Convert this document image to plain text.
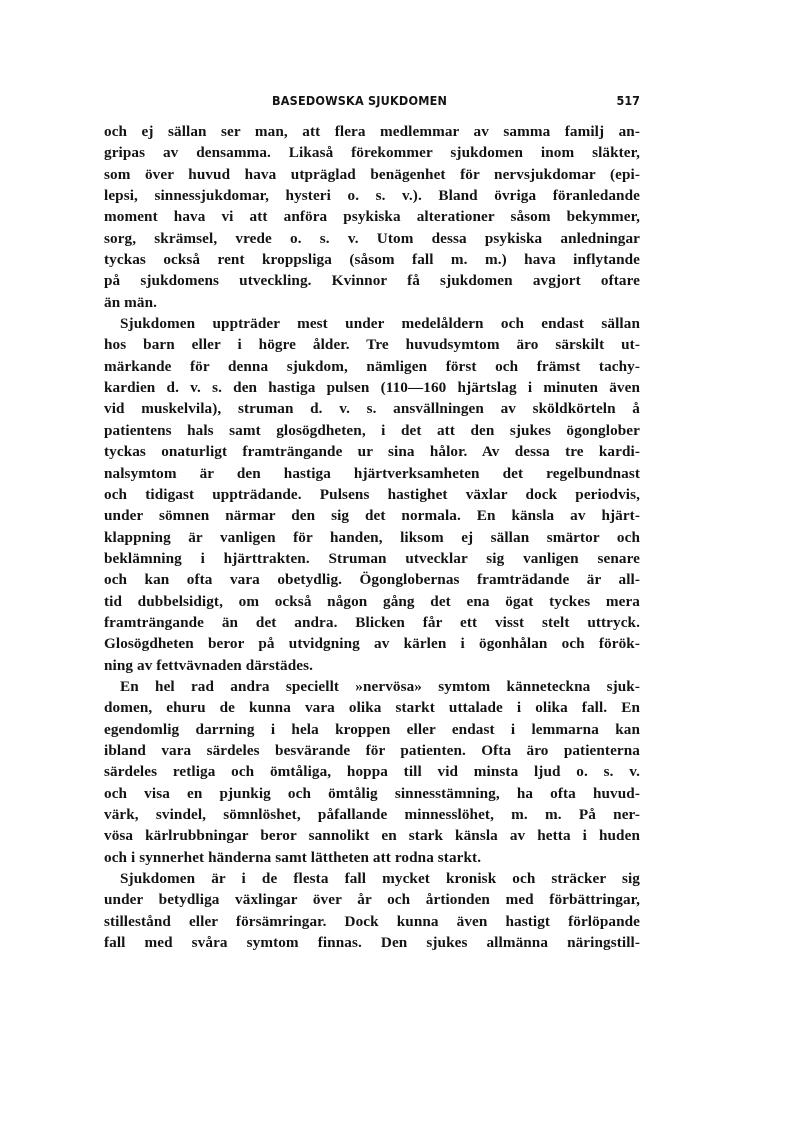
BASEDOWSKA SJUKDOMEN	517
och ej sällan ser man, att flera medlemmar av samma familj an-
gripas av densamma. Likaså förekommer sjukdomen inom släkter,
som över huvud hava utpräglad benägenhet för nervsjukdomar (epi-
lepsi, sinnessjukdomar, hysteri o. s. v.). Bland övriga föranledande
moment hava vi att anföra psykiska alterationer såsom bekymmer,
sorg, skrämsel, vrede o. s. v. Utom dessa psykiska anledningar
tyckas också rent kroppsliga (såsom fall m. m.) hava inflytande
på sjukdomens utveckling. Kvinnor få sjukdomen avgjort oftare
än män.
Sjukdomen uppträder mest under medelåldern och endast sällan
hos barn eller i högre ålder. Tre huvudsymtom äro särskilt ut-
märkande för denna sjukdom, nämligen först och främst tachy-
kardien d. v. s. den hastiga pulsen (110—160 hjärtslag i minuten även
vid muskelvila), struman d. v. s. ansvällningen av sköldkörteln å
patientens hals samt glosögdheten, i det att den sjukes ögonglober
tyckas onaturligt framträngande ur sina hålor. Av dessa tre kardi-
nalsymtom är den hastiga hjärtverksamheten det regelbundnast
och tidigast uppträdande. Pulsens hastighet växlar dock periodvis,
under sömnen närmar den sig det normala. En känsla av hjärt-
klappning är vanligen för handen, liksom ej sällan smärtor och
beklämning i hjärttrakten. Struman utvecklar sig vanligen senare
och kan ofta vara obetydlig. Ögonglobernas framträdande är all-
tid dubbelsidigt, om också någon gång det ena ögat tyckes mera
framträngande än det andra. Blicken får ett visst stelt uttryck.
Glosögdheten beror på utvidgning av kärlen i ögonhålan och förök-
ning av fettvävnaden därstädes.
En hel rad andra speciellt »nervösa» symtom känneteckna sjuk-
domen, ehuru de kunna vara olika starkt uttalade i olika fall. En
egendomlig darrning i hela kroppen eller endast i lemmarna kan
ibland vara särdeles besvärande för patienten. Ofta äro patienterna
särdeles retliga och ömtåliga, hoppa till vid minsta ljud o. s. v.
och visa en pjunkig och ömtålig sinnesstämning, ha ofta huvud-
värk, svindel, sömnlöshet, påfallande minnesslöhet, m. m. På ner-
vösa kärlrubbningar beror sannolikt en stark känsla av hetta i huden
och i synnerhet händerna samt lättheten att rodna starkt.
Sjukdomen är i de flesta fall mycket kronisk och sträcker sig
under betydliga växlingar över år och årtionden med förbättringar,
stillestånd eller försämringar. Dock kunna även hastigt förlöpande
fall med svåra symtom finnas. Den sjukes allmänna näringstill-
